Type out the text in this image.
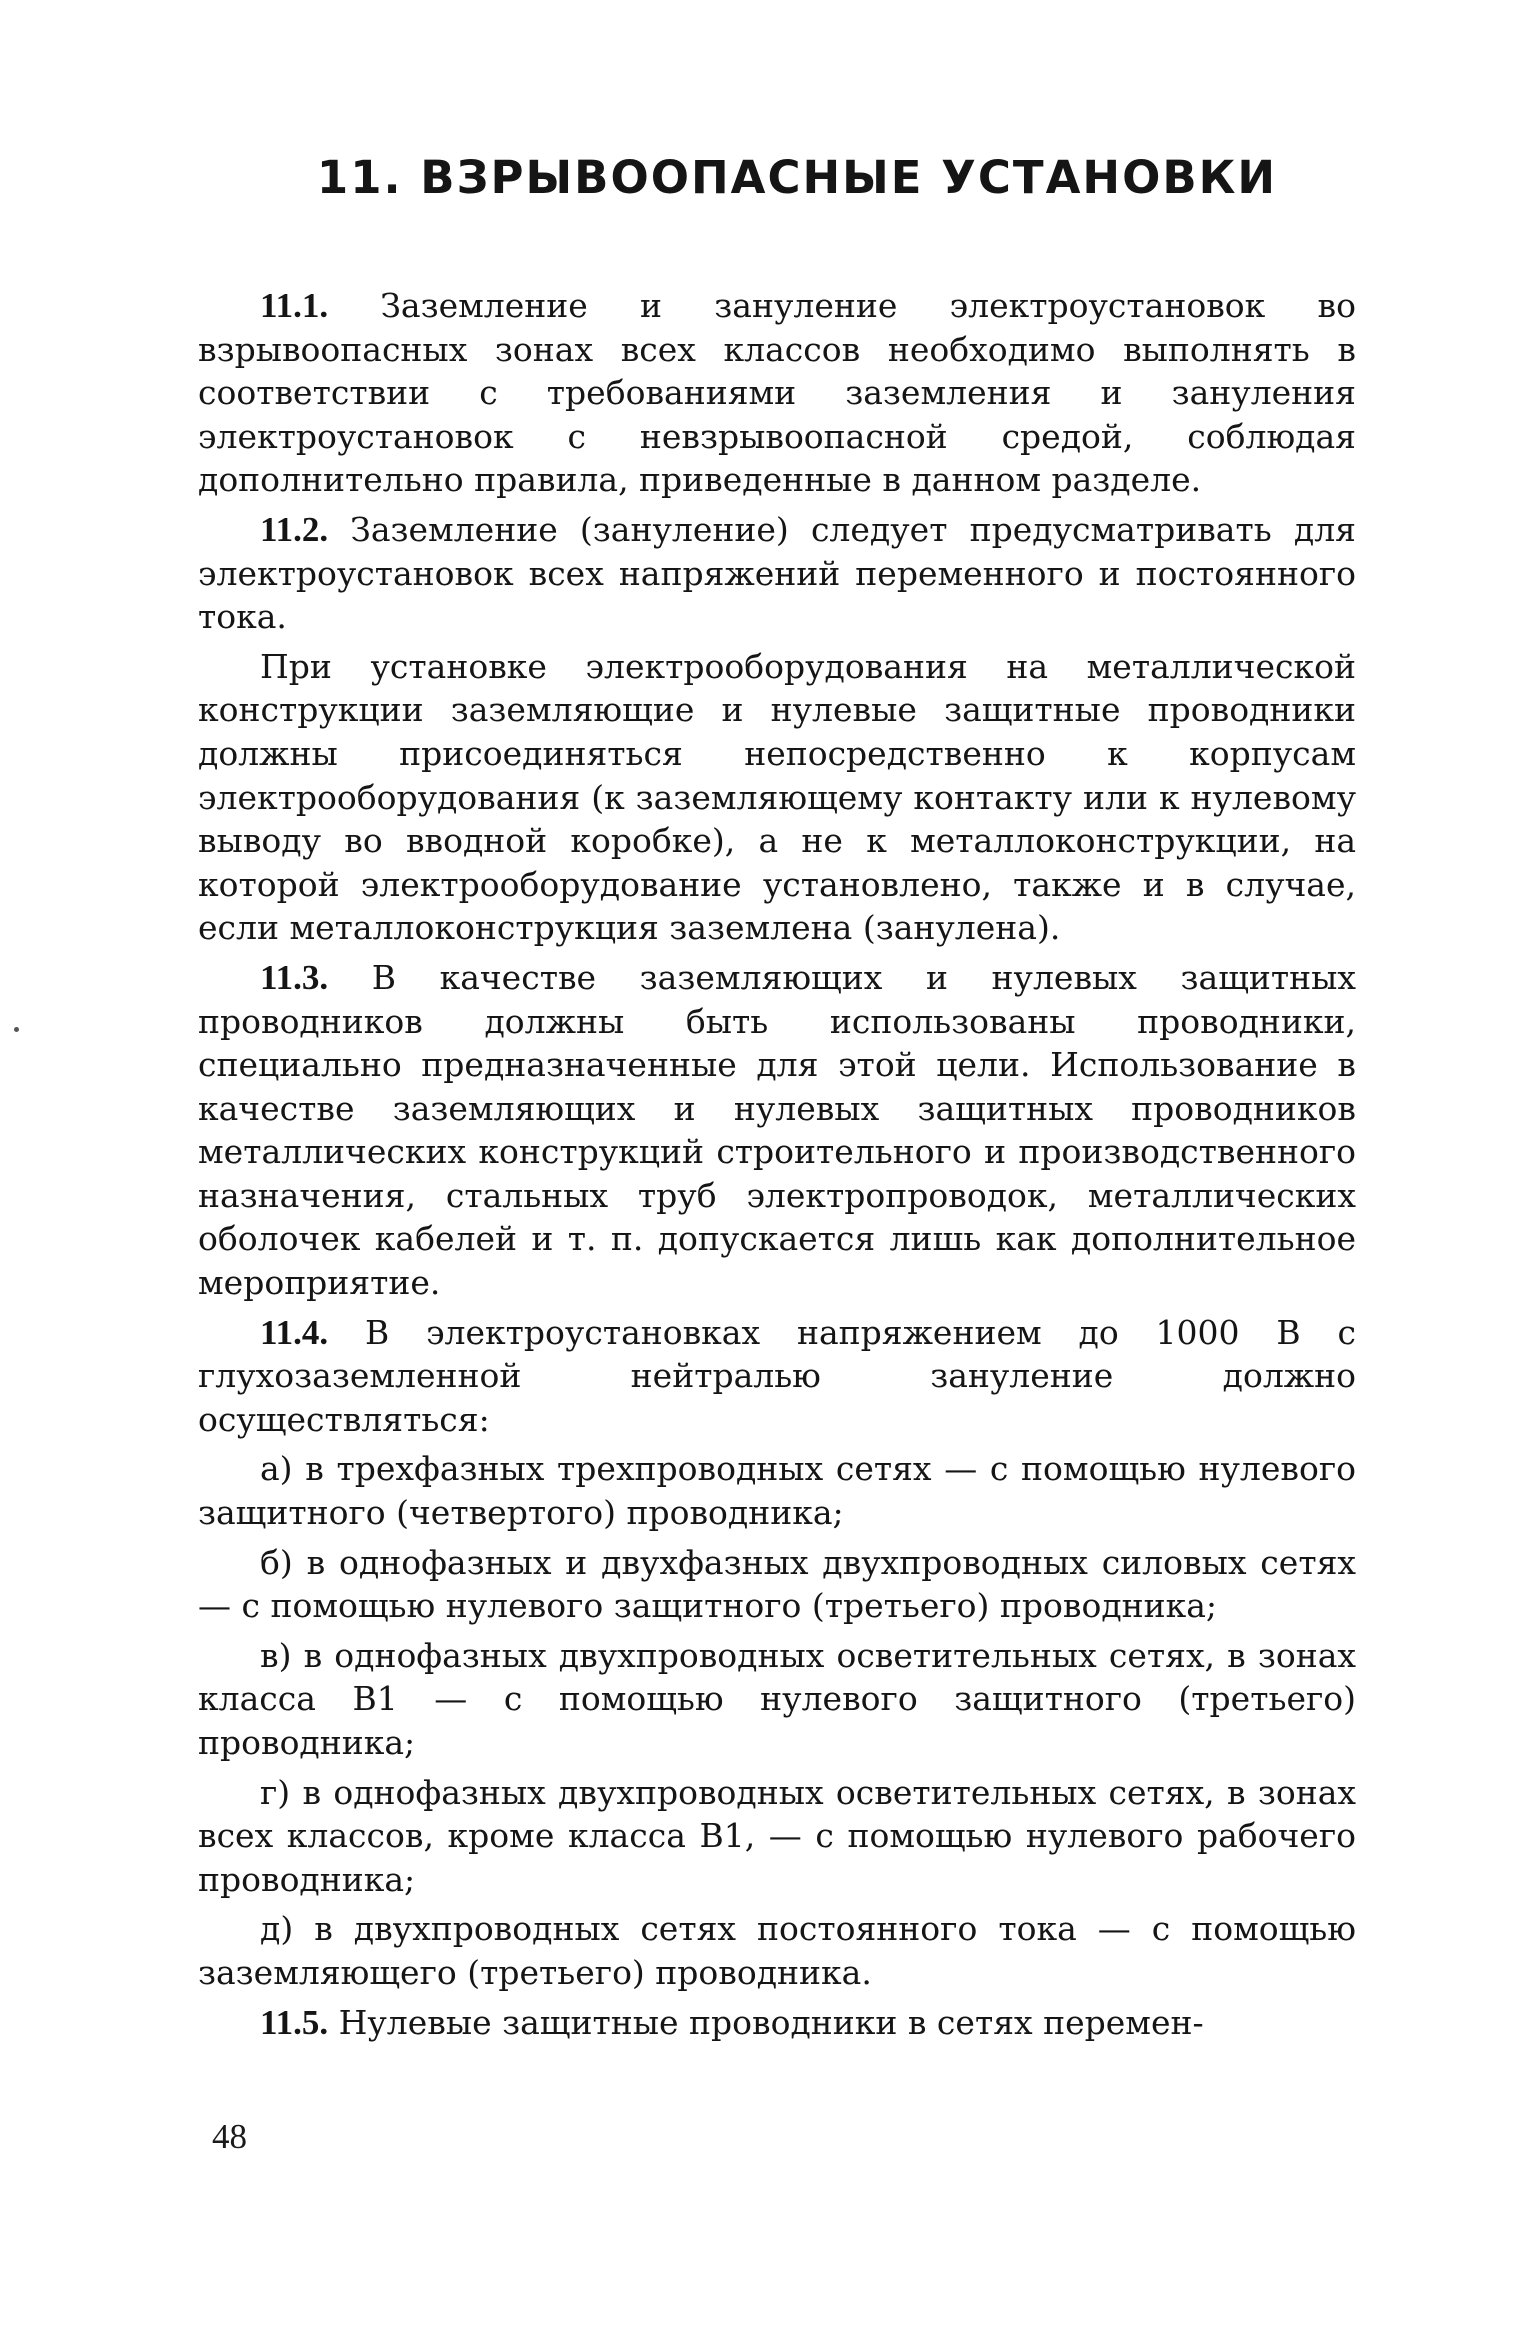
11. ВЗРЫВООПАСНЫЕ УСТАНОВКИ

11.1. Заземление и зануление электроустановок во взрывоопасных зонах всех классов необходимо выполнять в соответствии с требованиями заземления и зануления электроустановок с невзрывоопасной средой, соблюдая дополнительно правила, приведенные в данном разделе.

11.2. Заземление (зануление) следует предусматривать для электроустановок всех напряжений переменного и постоянного тока.

При установке электрооборудования на металлической конструкции заземляющие и нулевые защитные проводники должны присоединяться непосредственно к корпусам электрооборудования (к заземляющему контакту или к нулевому выводу во вводной коробке), а не к металлоконструкции, на которой электрооборудование установлено, также и в случае, если металлоконструкция заземлена (занулена).

11.3. В качестве заземляющих и нулевых защитных проводников должны быть использованы проводники, специально предназначенные для этой цели. Использование в качестве заземляющих и нулевых защитных проводников металлических конструкций строительного и производственного назначения, стальных труб электропроводок, металлических оболочек кабелей и т. п. допускается лишь как дополнительное мероприятие.

11.4. В электроустановках напряжением до 1000 В с глухозаземленной нейтралью зануление должно осуществляться:

а) в трехфазных трехпроводных сетях — с помощью нулевого защитного (четвертого) проводника;

б) в однофазных и двухфазных двухпроводных силовых сетях — с помощью нулевого защитного (третьего) проводника;

в) в однофазных двухпроводных осветительных сетях, в зонах класса В1 — с помощью нулевого защитного (третьего) проводника;

г) в однофазных двухпроводных осветительных сетях, в зонах всех классов, кроме класса В1, — с помощью нулевого рабочего проводника;

д) в двухпроводных сетях постоянного тока — с помощью заземляющего (третьего) проводника.

11.5. Нулевые защитные проводники в сетях перемен-

48
